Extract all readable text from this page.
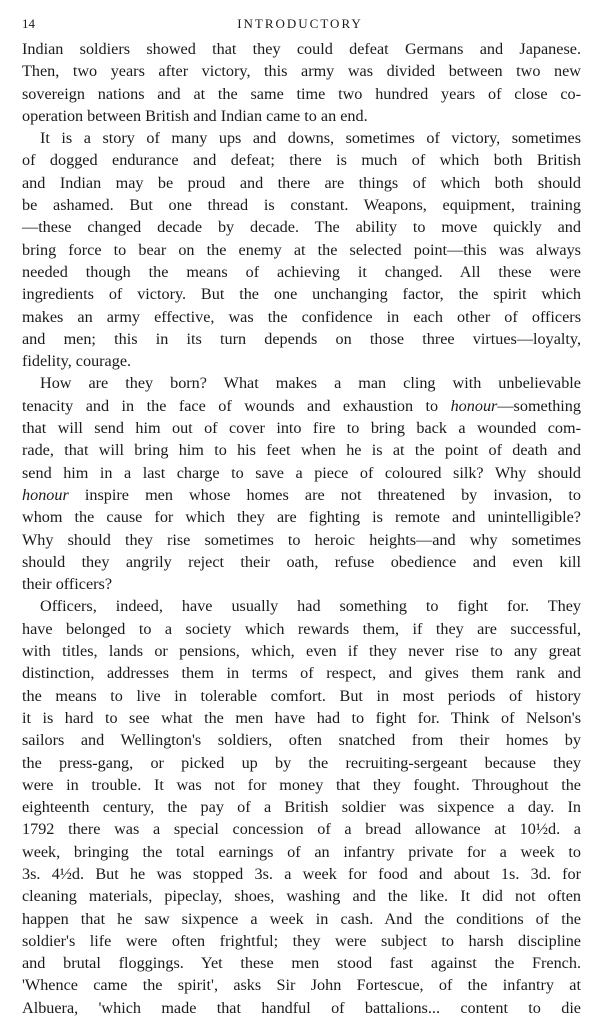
14	INTRODUCTORY
Indian soldiers showed that they could defeat Germans and Japanese.
Then, two years after victory, this army was divided between two new
sovereign nations and at the same time two hundred years of close co-
operation between British and Indian came to an end.
It is a story of many ups and downs, sometimes of victory, sometimes
of dogged endurance and defeat; there is much of which both British
and Indian may be proud and there are things of which both should
be ashamed. But one thread is constant. Weapons, equipment, training
—these changed decade by decade. The ability to move quickly and
bring force to bear on the enemy at the selected point—this was always
needed though the means of achieving it changed. All these were
ingredients of victory. But the one unchanging factor, the spirit which
makes an army effective, was the confidence in each other of officers
and men; this in its turn depends on those three virtues—loyalty,
fidelity, courage.
How are they born? What makes a man cling with unbelievable
tenacity and in the face of wounds and exhaustion to honour—something
that will send him out of cover into fire to bring back a wounded com-
rade, that will bring him to his feet when he is at the point of death and
send him in a last charge to save a piece of coloured silk? Why should
honour inspire men whose homes are not threatened by invasion, to
whom the cause for which they are fighting is remote and unintelligible?
Why should they rise sometimes to heroic heights—and why sometimes
should they angrily reject their oath, refuse obedience and even kill
their officers?
Officers, indeed, have usually had something to fight for. They
have belonged to a society which rewards them, if they are successful,
with titles, lands or pensions, which, even if they never rise to any great
distinction, addresses them in terms of respect, and gives them rank and
the means to live in tolerable comfort. But in most periods of history
it is hard to see what the men have had to fight for. Think of Nelson's
sailors and Wellington's soldiers, often snatched from their homes by
the press-gang, or picked up by the recruiting-sergeant because they
were in trouble. It was not for money that they fought. Throughout the
eighteenth century, the pay of a British soldier was sixpence a day. In
1792 there was a special concession of a bread allowance at 10½d. a
week, bringing the total earnings of an infantry private for a week to
3s. 4½d. But he was stopped 3s. a week for food and about 1s. 3d. for
cleaning materials, pipeclay, shoes, washing and the like. It did not often
happen that he saw sixpence a week in cash. And the conditions of the
soldier's life were often frightful; they were subject to harsh discipline
and brutal floggings. Yet these men stood fast against the French.
'Whence came the spirit', asks Sir John Fortescue, of the infantry at
Albuera, 'which made that handful of battalions... content to die
